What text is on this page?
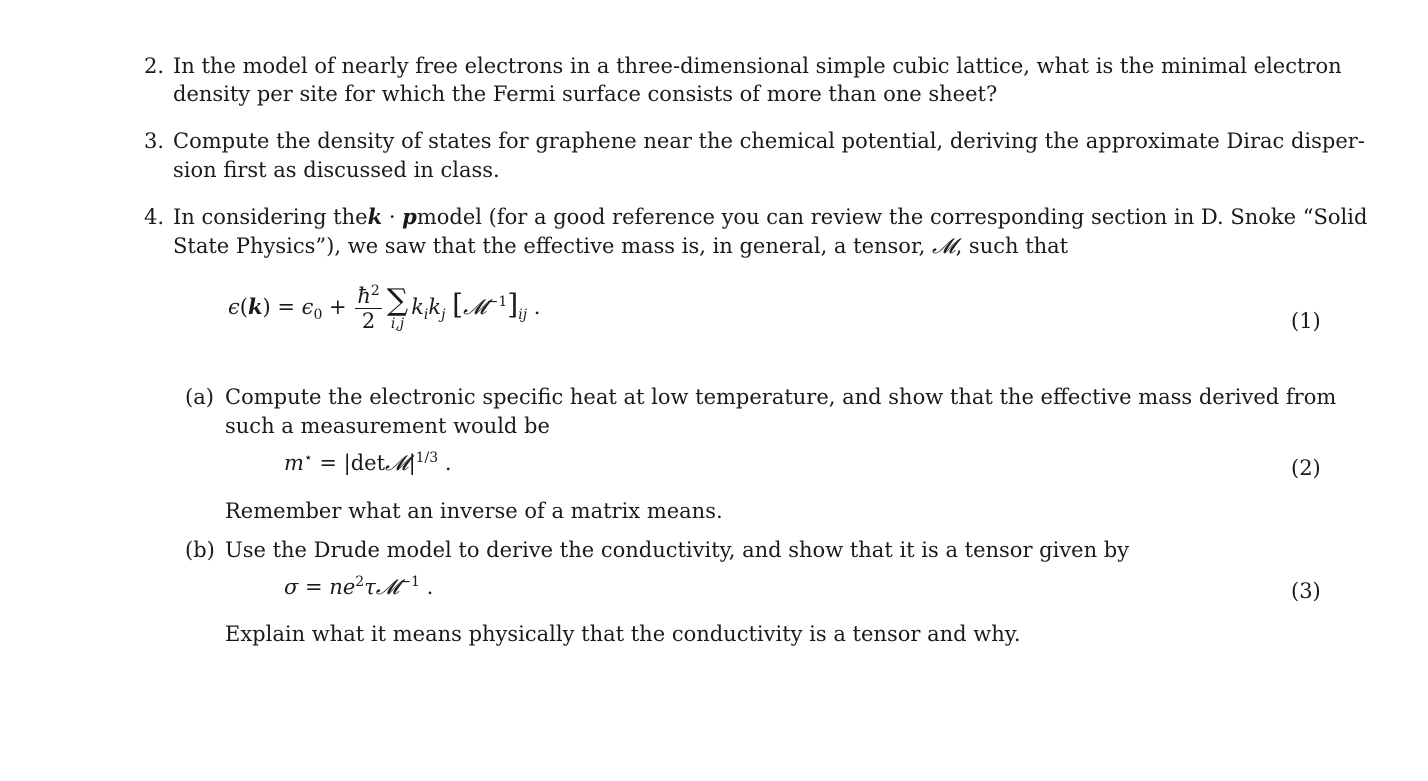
2. In the model of nearly free electrons in a three-dimensional simple cubic lattice, what is the minimal electron
density per site for which the Fermi surface consists of more than one sheet?
3. Compute the density of states for graphene near the chemical potential, deriving the approximate Dirac disper-
sion first as discussed in class.
4. In considering the k · p model (for a good reference you can review the corresponding section in D. Snoke “Solid
State Physics”), we saw that the effective mass is, in general, a tensor, 𝓜, such that
$\epsilon(k) = \epsilon_0 + \frac{ħ^2}{2}$ ∑
i,j
$k_ik_j$ $[𝓜^{-1}]_{ij}$ .
(1)
(a) Compute the electronic specific heat at low temperature, and show that the effective mass derived from
such a measurement would be
$m^⋆ = |\det 𝓜|^{1/3}$ .	(2)
Remember what an inverse of a matrix means.
(b) Use the Drude model to derive the conductivity, and show that it is a tensor given by
$\sigma = ne^2\tau 𝓜^{-1}$ .	(3)
Explain what it means physically that the conductivity is a tensor and why.
